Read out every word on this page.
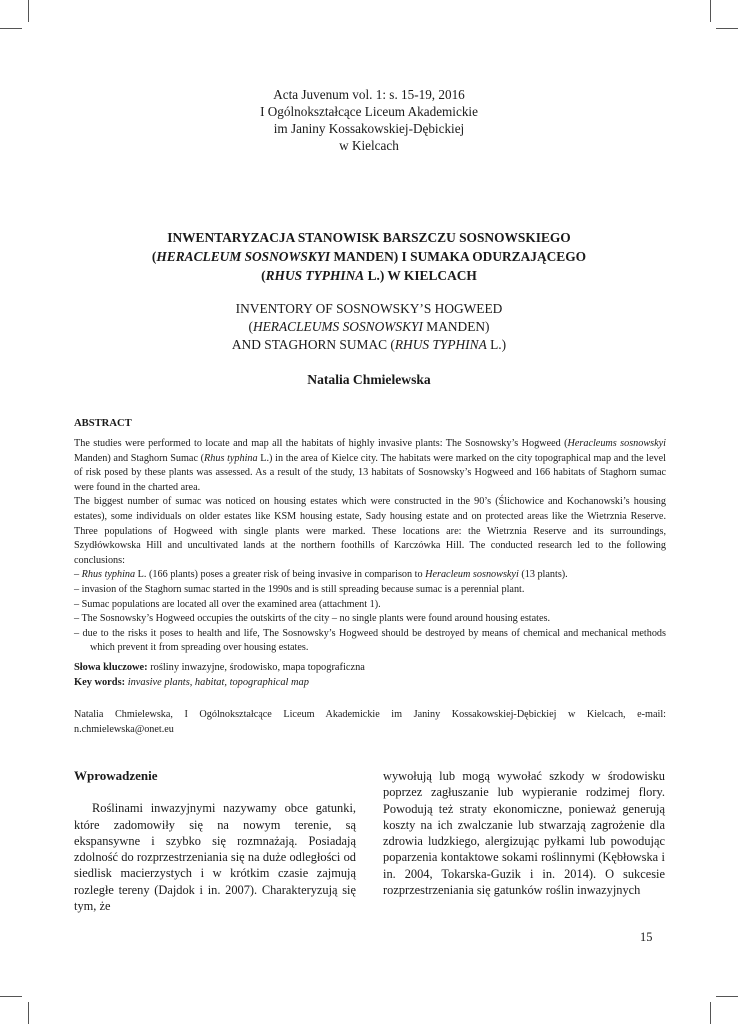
Acta Juvenum vol. 1: s. 15-19, 2016
I Ogólnokształcące Liceum Akademickie
im Janiny Kossakowskiej-Dębickiej
w Kielcach
INWENTARYZACJA STANOWISK BARSZCZU SOSNOWSKIEGO
(HERACLEUM SOSNOWSKYI MANDEN) I SUMAKA ODURZAJĄCEGO
(RHUS TYPHINA L.) W KIELCACH
INVENTORY OF SOSNOWSKY’S HOGWEED
(HERACLEUMS SOSNOWSKYI MANDEN)
AND STAGHORN SUMAC (RHUS TYPHINA L.)
Natalia Chmielewska
ABSTRACT

The studies were performed to locate and map all the habitats of highly invasive plants: The Sosnowsky’s Hogweed (Heracleums sosnowskyi Manden) and Staghorn Sumac (Rhus typhina L.) in the area of Kielce city. The habitats were marked on the city topographical map and the level of risk posed by these plants was assessed. As a result of the study, 13 habitats of Sosnowsky’s Hogweed and 166 habitats of Staghorn sumac were found in the charted area.

The biggest number of sumac was noticed on housing estates which were constructed in the 90’s (Ślichowice and Kochanowski’s housing estates), some individuals on older estates like KSM housing estate, Sady housing estate and on protected areas like the Wietrznia Reserve. Three populations of Hogweed with single plants were marked. These locations are: the Wietrznia Reserve and its surroundings, Szydłówkowska Hill and uncultivated lands at the northern foothills of Karczówka Hill. The conducted research led to the following conclusions:

– Rhus typhina L. (166 plants) poses a greater risk of being invasive in comparison to Heracleum sosnowskyi (13 plants).

– invasion of the Staghorn sumac started in the 1990s and is still spreading because sumac is a perennial plant.

– Sumac populations are located all over the examined area (attachment 1).

– The Sosnowsky’s Hogweed occupies the outskirts of the city – no single plants were found around housing estates.

– due to the risks it poses to health and life, The Sosnowsky’s Hogweed should be destroyed by means of chemical and mechanical methods which prevent it from spreading over housing estates.

Słowa kluczowe: rośliny inwazyjne, środowisko, mapa topograficzna

Key words: invasive plants, habitat, topographical map

Natalia Chmielewska, I Ogólnokształcące Liceum Akademickie im Janiny Kossakowskiej-Dębickiej w Kielcach, e-mail: n.chmielewska@onet.eu
Wprowadzenie

Roślinami inwazyjnymi nazywamy obce gatunki, które zadomowiły się na nowym terenie, są ekspansywne i szybko się rozmnażają. Posiadają zdolność do rozprzestrzeniania się na duże odległości od siedlisk macierzystych i w krótkim czasie zajmują rozległe tereny (Dajdok i in. 2007). Charakteryzują się tym, że

wywołują lub mogą wywołać szkody w środowisku poprzez zagłuszanie lub wypieranie rodzimej flory. Powodują też straty ekonomiczne, ponieważ generują koszty na ich zwalczanie lub stwarzają zagrożenie dla zdrowia ludzkiego, alergizując pyłkami lub powodując poparzenia kontaktowe sokami roślinnymi (Kębłowska i in. 2004, Tokarska-Guzik i in. 2014). O sukcesie rozprzestrzeniania się gatunków roślin inwazyjnych

15
